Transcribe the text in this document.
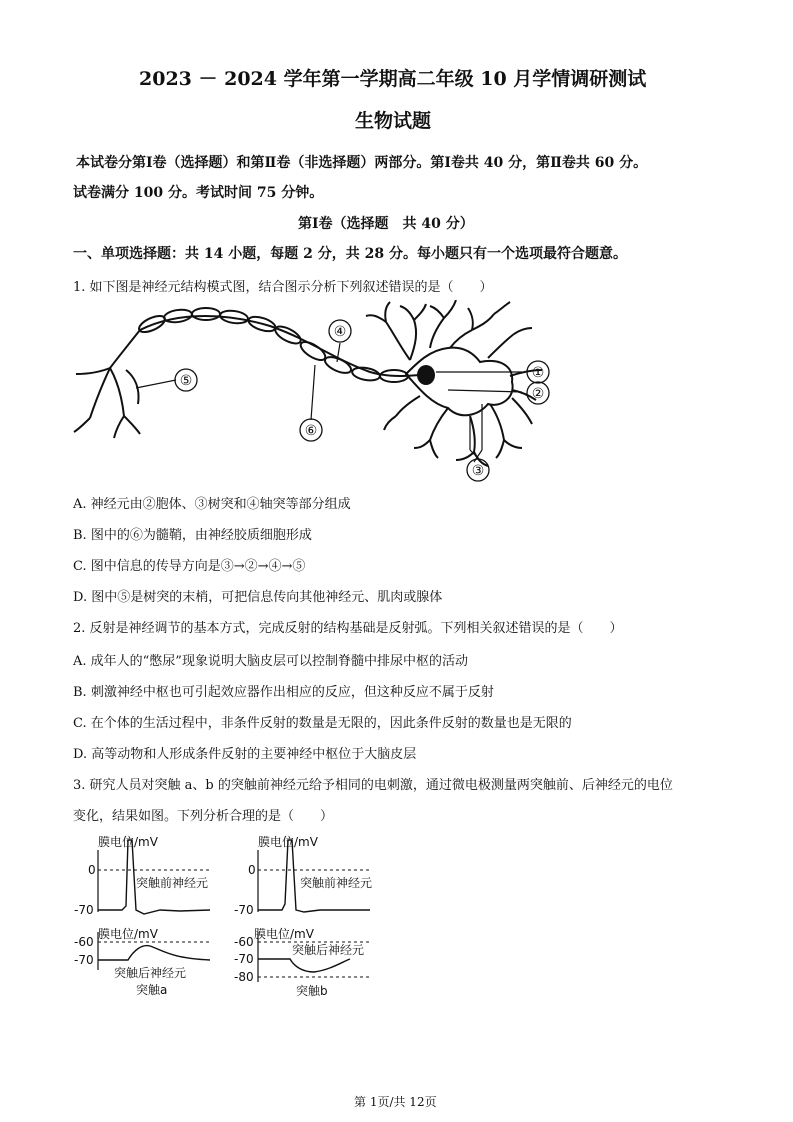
2023 － 2024 学年第一学期高二年级 10 月学情调研测试
生物试题
本试卷分第Ⅰ卷（选择题）和第Ⅱ卷（非选择题）两部分。第Ⅰ卷共 40 分，第Ⅱ卷共 60 分。
试卷满分 100 分。考试时间 75 分钟。
第Ⅰ卷（选择题　共 40 分）
一、单项选择题：共 14 小题，每题 2 分，共 28 分。每小题只有一个选项最符合题意。
1. 如下图是神经元结构模式图，结合图示分析下列叙述错误的是（　　）
①
②
③
④
⑤
⑥
A. 神经元由②胞体、③树突和④轴突等部分组成
B. 图中的⑥为髓鞘，由神经胶质细胞形成
C. 图中信息的传导方向是③→②→④→⑤
D. 图中⑤是树突的末梢，可把信息传向其他神经元、肌肉或腺体
2. 反射是神经调节的基本方式，完成反射的结构基础是反射弧。下列相关叙述错误的是（　　）
A. 成年人的“憋尿”现象说明大脑皮层可以控制脊髓中排尿中枢的活动
B. 刺激神经中枢也可引起效应器作出相应的反应，但这种反应不属于反射
C. 在个体的生活过程中，非条件反射的数量是无限的，因此条件反射的数量也是无限的
D. 高等动物和人形成条件反射的主要神经中枢位于大脑皮层
3. 研究人员对突触 a、b 的突触前神经元给予相同的电刺激，通过微电极测量两突触前、后神经元的电位
变化，结果如图。下列分析合理的是（　　）
膜电位/mV
0
-70
突触前神经元
膜电位/mV
-60
-70
突触后神经元
突触a
膜电位/mV
0
-70
突触前神经元
膜电位/mV
-60
-70
-80
突触后神经元
突触b
第 1页/共 12页
